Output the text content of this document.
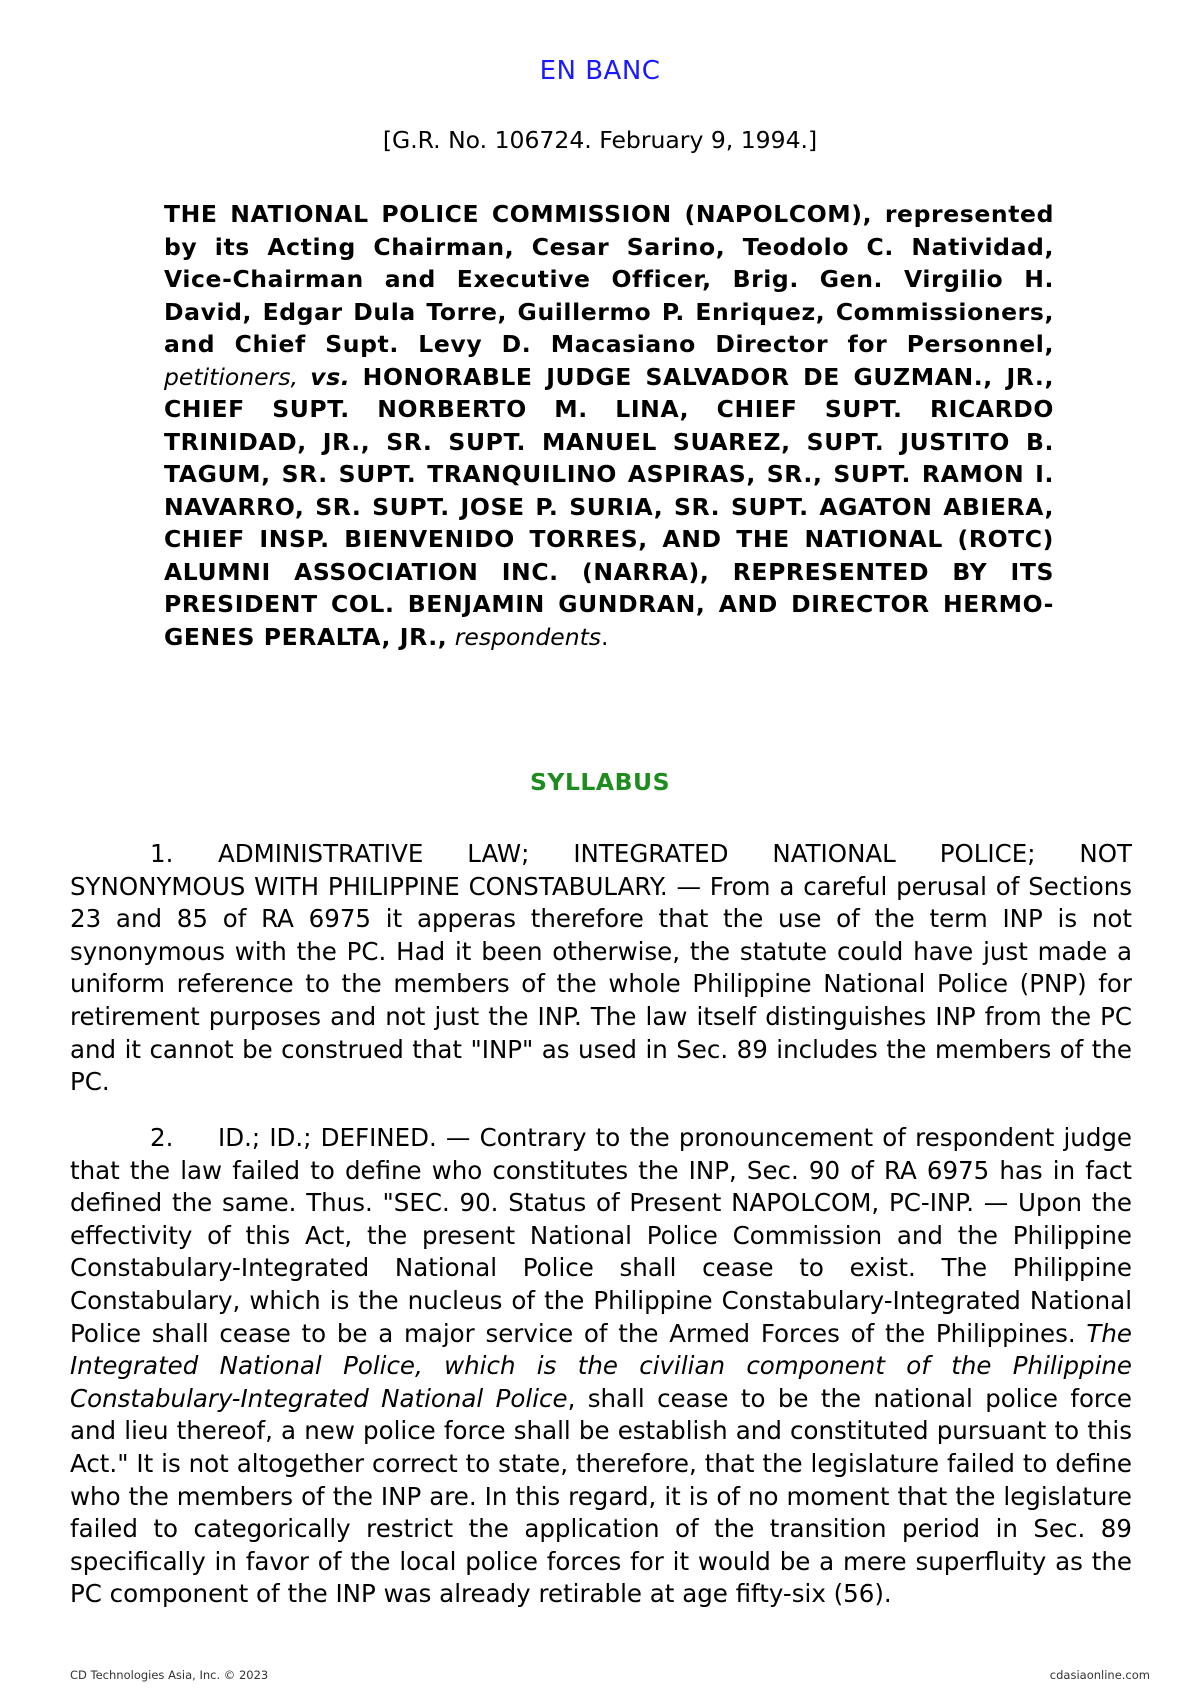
EN BANC
[G.R. No. 106724. February 9, 1994.]
THE NATIONAL POLICE COMMISSION (NAPOLCOM), represented by its Acting Chairman, Cesar Sarino, Teodolo C. Natividad, Vice-Chairman and Executive Officer, Brig. Gen. Virgilio H. David, Edgar Dula Torre, Guillermo P. Enriquez, Commissioners, and Chief Supt. Levy D. Macasiano Director for Personnel, petitioners, vs. HONORABLE JUDGE SALVADOR DE GUZMAN., JR., CHIEF SUPT. NORBERTO M. LINA, CHIEF SUPT. RICARDO TRINIDAD, JR., SR. SUPT. MANUEL SUAREZ, SUPT. JUSTITO B. TAGUM, SR. SUPT. TRANQUILINO ASPIRAS, SR., SUPT. RAMON I. NAVARRO, SR. SUPT. JOSE P. SURIA, SR. SUPT. AGATON ABIERA, CHIEF INSP. BIENVENIDO TORRES, AND THE NATIONAL (ROTC) ALUMNI ASSOCIATION INC. (NARRA), REPRESENTED BY ITS PRESIDENT COL. BENJAMIN GUNDRAN, AND DIRECTOR HERMO-GENES PERALTA, JR., respondents.
SYLLABUS
1. ADMINISTRATIVE LAW; INTEGRATED NATIONAL POLICE; NOT SYNONYMOUS WITH PHILIPPINE CONSTABULARY. — From a careful perusal of Sections 23 and 85 of RA 6975 it apperas therefore that the use of the term INP is not synonymous with the PC. Had it been otherwise, the statute could have just made a uniform reference to the members of the whole Philippine National Police (PNP) for retirement purposes and not just the INP. The law itself distinguishes INP from the PC and it cannot be construed that "INP" as used in Sec. 89 includes the members of the PC.
2. ID.; ID.; DEFINED. — Contrary to the pronouncement of respondent judge that the law failed to define who constitutes the INP, Sec. 90 of RA 6975 has in fact defined the same. Thus. "SEC. 90. Status of Present NAPOLCOM, PC-INP. — Upon the effectivity of this Act, the present National Police Commission and the Philippine Constabulary-Integrated National Police shall cease to exist. The Philippine Constabulary, which is the nucleus of the Philippine Constabulary-Integrated National Police shall cease to be a major service of the Armed Forces of the Philippines. The Integrated National Police, which is the civilian component of the Philippine Constabulary-Integrated National Police, shall cease to be the national police force and lieu thereof, a new police force shall be establish and constituted pursuant to this Act." It is not altogether correct to state, therefore, that the legislature failed to define who the members of the INP are. In this regard, it is of no moment that the legislature failed to categorically restrict the application of the transition period in Sec. 89 specifically in favor of the local police forces for it would be a mere superfluity as the PC component of the INP was already retirable at age fifty-six (56).
CD Technologies Asia, Inc. © 2023	cdasiaonline.com
